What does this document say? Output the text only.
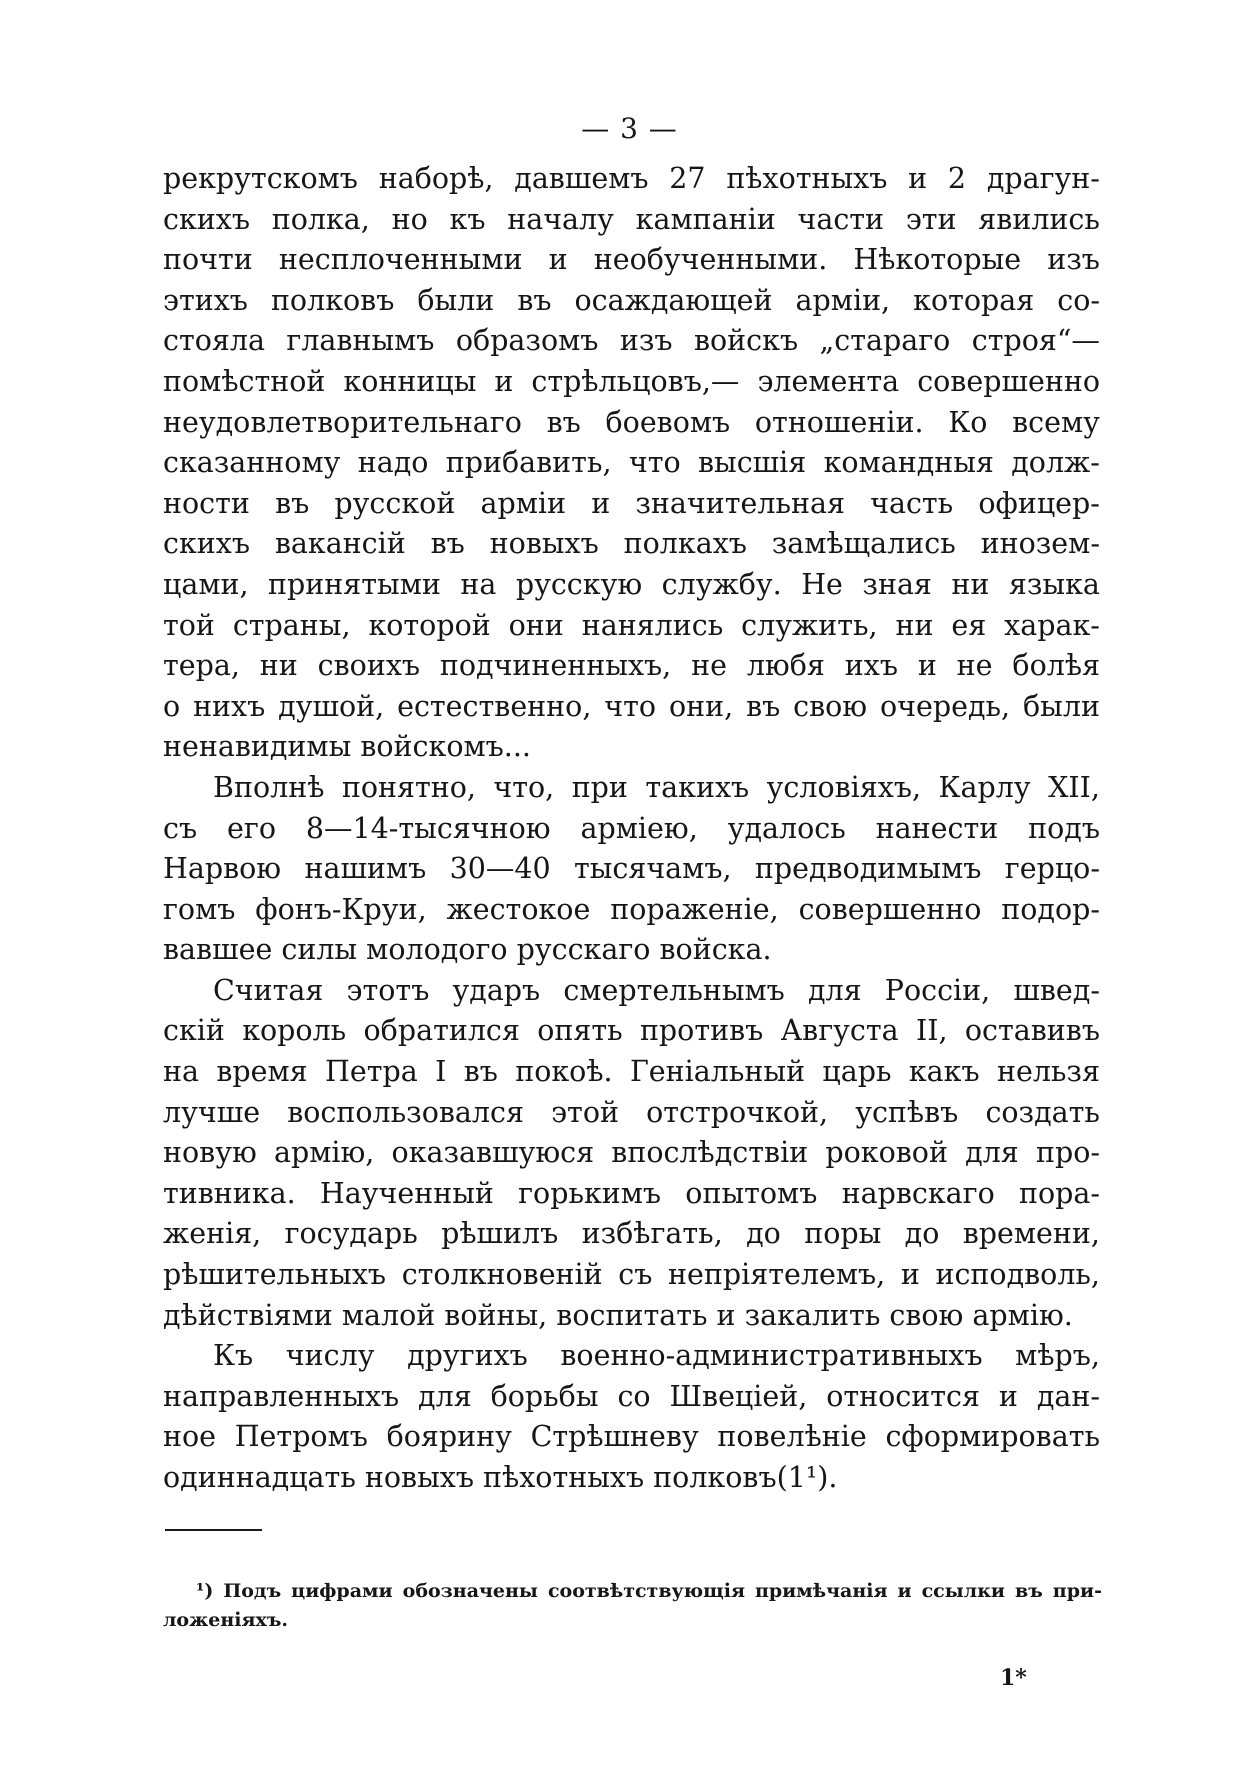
— 3 —
рекрутскомъ наборѣ, давшемъ 27 пѣхотныхъ и 2 драгун-
скихъ полка, но къ началу кампаніи части эти явились
почти несплоченными и необученными. Нѣкоторые изъ
этихъ полковъ были въ осаждающей арміи, которая со-
стояла главнымъ образомъ изъ войскъ „стараго строя“—
помѣстной конницы и стрѣльцовъ,— элемента совершенно
неудовлетворительнаго въ боевомъ отношеніи. Ко всему
сказанному надо прибавить, что высшія командныя долж-
ности въ русской арміи и значительная часть офицер-
скихъ вакансій въ новыхъ полкахъ замѣщались инозем-
цами, принятыми на русскую службу. Не зная ни языка
той страны, которой они нанялись служить, ни ея харак-
тера, ни своихъ подчиненныхъ, не любя ихъ и не болѣя
о нихъ душой, естественно, что они, въ свою очередь, были
ненавидимы войскомъ...
Вполнѣ понятно, что, при такихъ условіяхъ, Карлу XII,
съ его 8—14-тысячною арміею, удалось нанести подъ
Нарвою нашимъ 30—40 тысячамъ, предводимымъ герцо-
гомъ фонъ-Круи, жестокое пораженіе, совершенно подор-
вавшее силы молодого русскаго войска.
Считая этотъ ударъ смертельнымъ для Россіи, швед-
скій король обратился опять противъ Августа II, оставивъ
на время Петра I въ покоѣ. Геніальный царь какъ нельзя
лучше воспользовался этой отстрочкой, успѣвъ создать
новую армію, оказавшуюся впослѣдствіи роковой для про-
тивника. Наученный горькимъ опытомъ нарвскаго пора-
женія, государь рѣшилъ избѣгать, до поры до времени,
рѣшительныхъ столкновеній съ непріятелемъ, и исподволь,
дѣйствіями малой войны, воспитать и закалить свою армію.
Къ числу другихъ военно-административныхъ мѣръ,
направленныхъ для борьбы со Швеціей, относится и дан-
ное Петромъ боярину Стрѣшневу повелѣніе сформировать
одиннадцать новыхъ пѣхотныхъ полковъ(1¹).
¹) Подъ цифрами обозначены соотвѣтствующія примѣчанія и ссылки въ при-
ложеніяхъ.
1*
